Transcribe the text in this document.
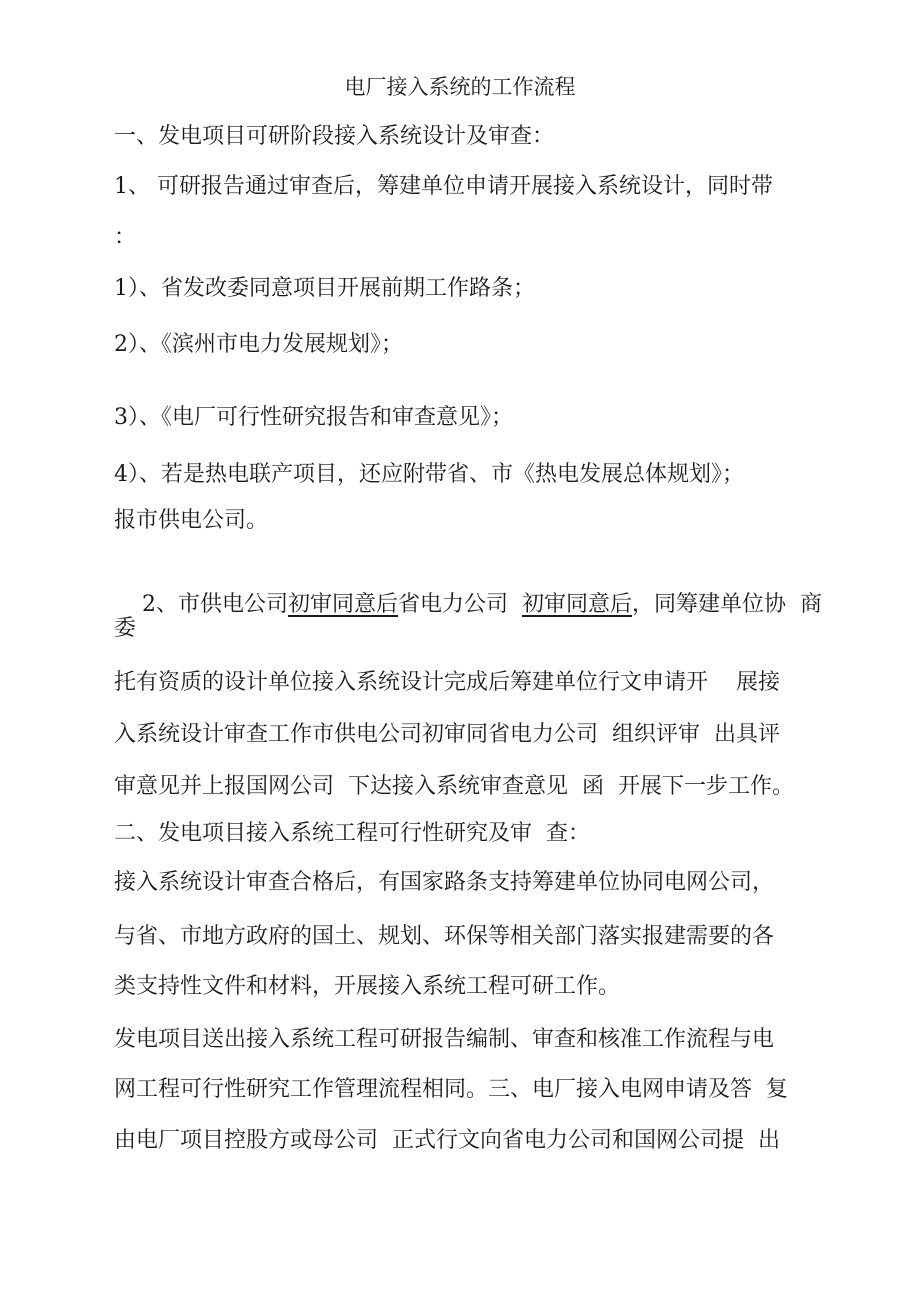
电厂接入系统的工作流程
一、发电项目可研阶段接入系统设计及审查：
1、 可研报告通过审查后，筹建单位申请开展接入系统设计，同时带
：
1）、省发改委同意项目开展前期工作路条；
2）、《滨州市电力发展规划》；
3）、《电厂可行性研究报告和审查意见》；
4）、若是热电联产项目，还应附带省、市《热电发展总体规划》；
报市供电公司。

2、市供电公司初审同意后省电力公司  初审同意后，同筹建单位协  商

委
托有资质的设计单位接入系统设计完成后筹建单位行文申请开    展接
入系统设计审查工作市供电公司初审同省电力公司  组织评审  出具评
审意见并上报国网公司  下达接入系统审查意见  函  开展下一步工作。
二、发电项目接入系统工程可行性研究及审  查：
接入系统设计审查合格后，有国家路条支持筹建单位协同电网公司，
与省、市地方政府的国土、规划、环保等相关部门落实报建需要的各
类支持性文件和材料，开展接入系统工程可研工作。
发电项目送出接入系统工程可研报告编制、审查和核准工作流程与电
网工程可行性研究工作管理流程相同。三、电厂接入电网申请及答  复
由电厂项目控股方或母公司  正式行文向省电力公司和国网公司提  出
